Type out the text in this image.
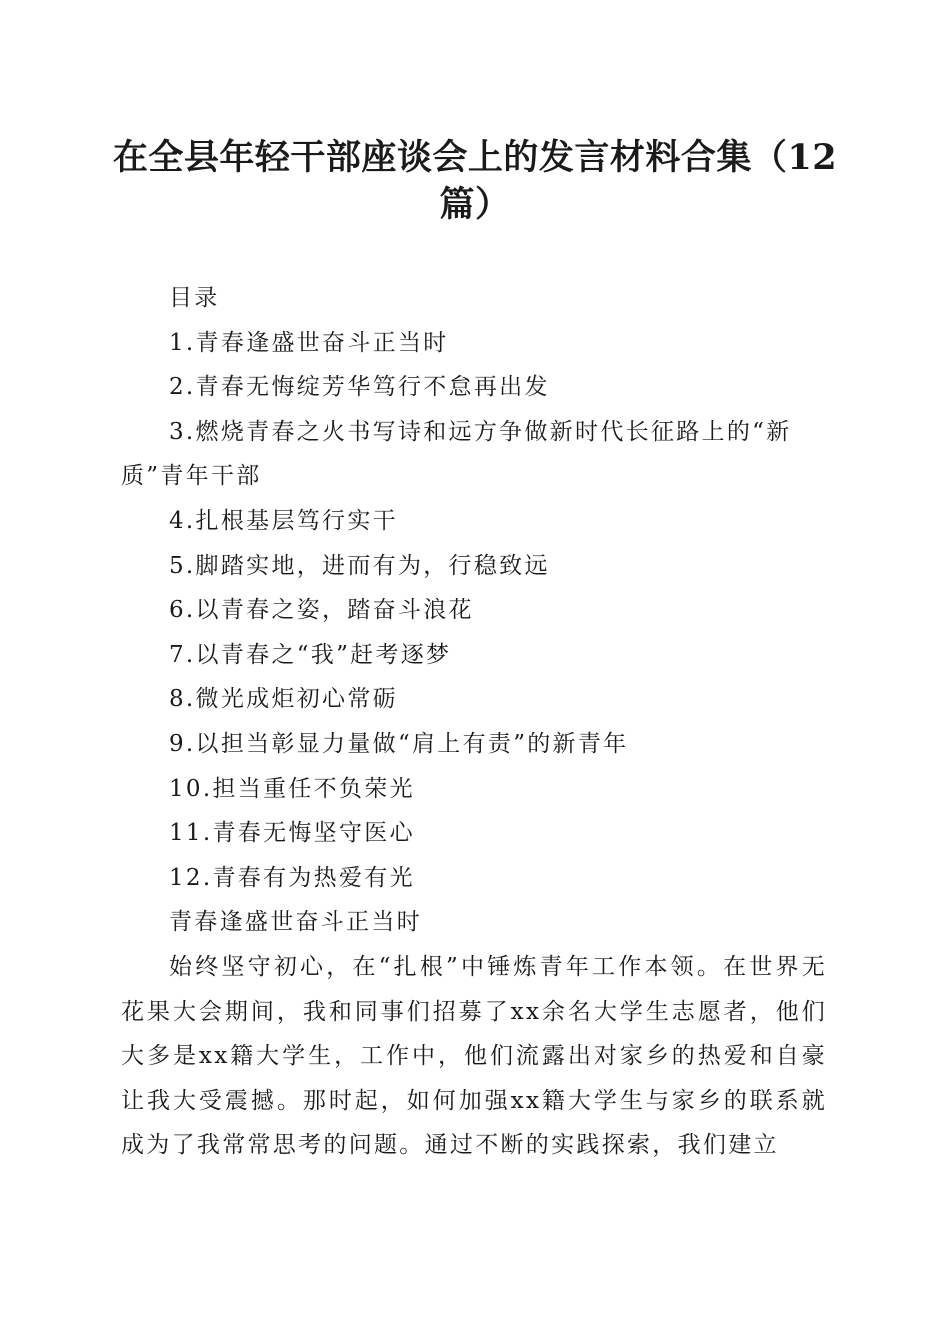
在全县年轻干部座谈会上的发言材料合集（12篇）

目录

1.青春逢盛世奋斗正当时

2.青春无悔绽芳华笃行不怠再出发

3.燃烧青春之火书写诗和远方争做新时代长征路上的“新质”青年干部

4.扎根基层笃行实干

5.脚踏实地，进而有为，行稳致远

6.以青春之姿，踏奋斗浪花

7.以青春之“我”赶考逐梦

8.微光成炬初心常砺

9.以担当彰显力量做“肩上有责”的新青年

10.担当重任不负荣光

11.青春无悔坚守医心

12.青春有为热爱有光

青春逢盛世奋斗正当时

始终坚守初心，在“扎根”中锤炼青年工作本领。在世界无花果大会期间，我和同事们招募了xx余名大学生志愿者，他们大多是xx籍大学生，工作中，他们流露出对家乡的热爱和自豪让我大受震撼。那时起，如何加强xx籍大学生与家乡的联系就成为了我常常思考的问题。通过不断的实践探索，我们建立
